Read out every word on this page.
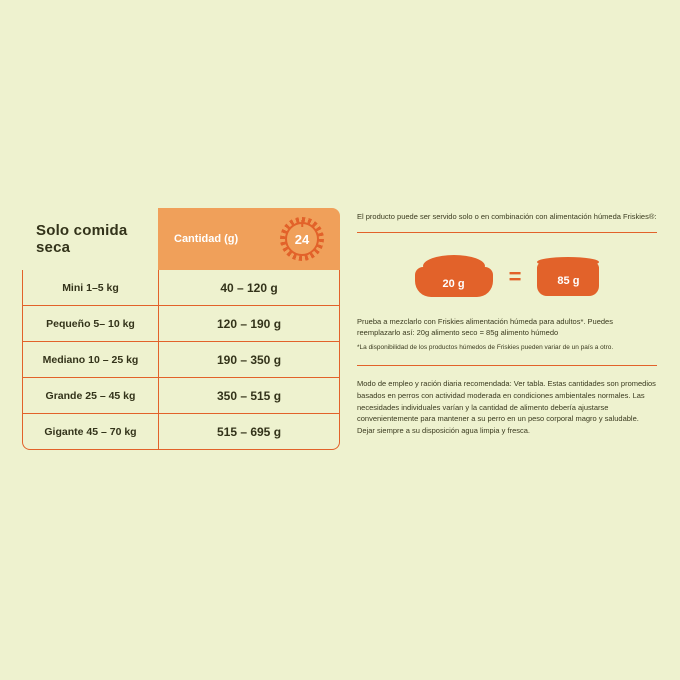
Solo comida seca	Cantidad (g)	24
Mini 1–5 kg	40 – 120 g
Pequeño 5– 10 kg	120 – 190 g
Mediano 10 – 25 kg	190 – 350 g
Grande 25 – 45 kg	350 – 515 g
Gigante 45 – 70 kg	515 – 695 g
El producto puede ser servido solo o en combinación con alimentación húmeda Friskies®:
20 g =	85 g
Prueba a mezclarlo con Friskies alimentación húmeda para adultos*. Puedes reemplazarlo así: 20g alimento seco = 85g alimento húmedo
*La disponibilidad de los productos húmedos de Friskies pueden variar de un país a otro.
Modo de empleo y ración diaria recomendada: Ver tabla. Estas cantidades son promedios basados en perros con actividad moderada en condiciones ambientales normales. Las necesidades individuales varían y la cantidad de alimento debería ajustarse convenientemente para mantener a su perro en un peso corporal magro y saludable. Dejar siempre a su disposición agua limpia y fresca.
